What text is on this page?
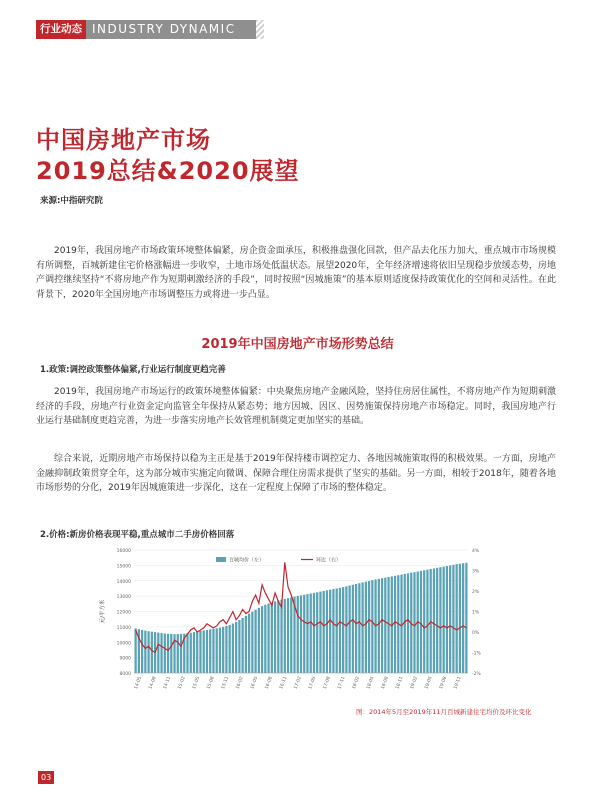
行业动态 INDUSTRY DYNAMIC
中国房地产市场
2019总结&2020展望
来源:中指研究院
2019年，我国房地产市场政策环境整体偏紧，房企资金面承压，积极推盘强化回款，但产品去化压力加大，重点城市市场规模有所调整，百城新建住宅价格涨幅进一步收窄，土地市场处低温状态。展望2020年，全年经济增速将依旧呈现稳步放缓态势，房地产调控继续坚持“不将房地产作为短期刺激经济的手段”，同时按照“因城施策”的基本原则适度保持政策优化的空间和灵活性。在此背景下，2020年全国房地产市场调整压力或将进一步凸显。
2019年中国房地产市场形势总结
1.政策:调控政策整体偏紧,行业运行制度更趋完善
2019年，我国房地产市场运行的政策环境整体偏紧：中央聚焦房地产金融风险，坚持住房居住属性，不将房地产作为短期刺激经济的手段，房地产行业资金定向监管全年保持从紧态势；地方因城、因区、因势施策保持房地产市场稳定。同时，我国房地产行业运行基础制度更趋完善，为进一步落实房地产长效管理机制奠定更加坚实的基础。
综合来说，近期房地产市场保持以稳为主正是基于2019年保持楼市调控定力、各地因城施策取得的积极效果。一方面，房地产金融抑制政策贯穿全年，这为部分城市实施定向微调、保障合理住房需求提供了坚实的基础。另一方面，相较于2018年，随着各地市场形势的分化，2019年因城施策进一步深化，这在一定程度上保障了市场的整体稳定。
2.价格:新房价格表现平稳,重点城市二手房价格回落
8000
9000
10000
11000
12000
13000
14000
15000
16000
-2%
-1%
0%
1%
2%
3%
4%
元/平方米
14-05 14-08 14-11 15-02 15-05 15-08 15-11 16-02 16-05 16-08 16-11 17-02 17-05 17-08 17-11 18-02 18-05 18-08 18-11 19-02 19-05 19-08 19-11
百城均价（左）	环比（右）
图：2014年5月至2019年11月百城新建住宅均价及环比变化
03
